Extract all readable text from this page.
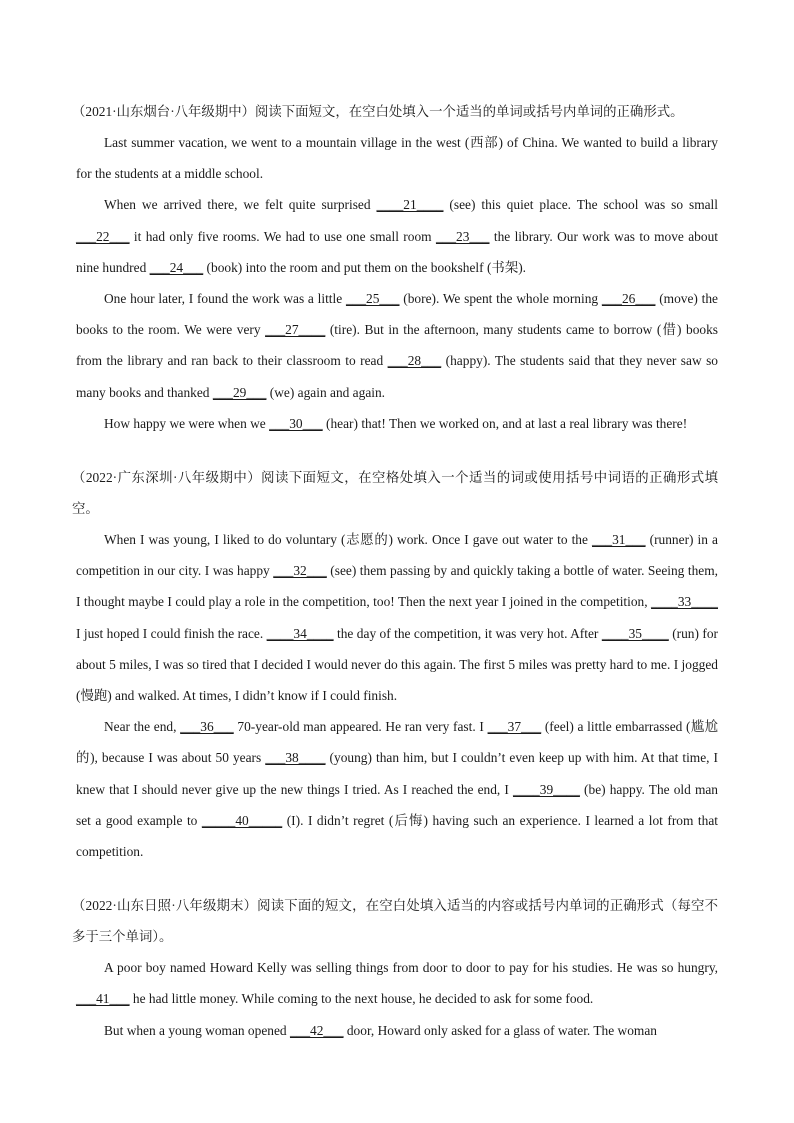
（2021·山东烟台·八年级期中）阅读下面短文，在空白处填入一个适当的单词或括号内单词的正确形式。

Last summer vacation, we went to a mountain village in the west (西部) of China. We wanted to build a library for the students at a middle school.

When we arrived there, we felt quite surprised ____21____ (see) this quiet place. The school was so small ___22___ it had only five rooms. We had to use one small room ___23___ the library. Our work was to move about nine hundred ___24___ (book) into the room and put them on the bookshelf (书架).

One hour later, I found the work was a little ___25___ (bore). We spent the whole morning ___26___ (move) the books to the room. We were very ___27____ (tire). But in the afternoon, many students came to borrow (借) books from the library and ran back to their classroom to read ___28___ (happy). The students said that they never saw so many books and thanked ___29___ (we) again and again.

How happy we were when we ___30___ (hear) that! Then we worked on, and at last a real library was there!

（2022·广东深圳·八年级期中）阅读下面短文，在空格处填入一个适当的词或使用括号中词语的正确形式填空。

When I was young, I liked to do voluntary (志愿的) work. Once I gave out water to the ___31___ (runner) in a competition in our city. I was happy ___32___ (see) them passing by and quickly taking a bottle of water. Seeing them, I thought maybe I could play a role in the competition, too! Then the next year I joined in the competition, ____33____ I just hoped I could finish the race. ____34____ the day of the competition, it was very hot. After ____35____ (run) for about 5 miles, I was so tired that I decided I would never do this again. The first 5 miles was pretty hard to me. I jogged (慢跑) and walked. At times, I didn’t know if I could finish.

Near the end, ___36___ 70-year-old man appeared. He ran very fast. I ___37___ (feel) a little embarrassed (尴尬的), because I was about 50 years ___38____ (young) than him, but I couldn’t even keep up with him. At that time, I knew that I should never give up the new things I tried. As I reached the end, I ____39____ (be) happy. The old man set a good example to _____40_____ (I). I didn’t regret (后悔) having such an experience. I learned a lot from that competition.

（2022·山东日照·八年级期末）阅读下面的短文，在空白处填入适当的内容或括号内单词的正确形式（每空不多于三个单词）。

A poor boy named Howard Kelly was selling things from door to door to pay for his studies. He was so hungry, ___41___ he had little money. While coming to the next house, he decided to ask for some food.

But when a young woman opened ___42___ door, Howard only asked for a glass of water. The woman
